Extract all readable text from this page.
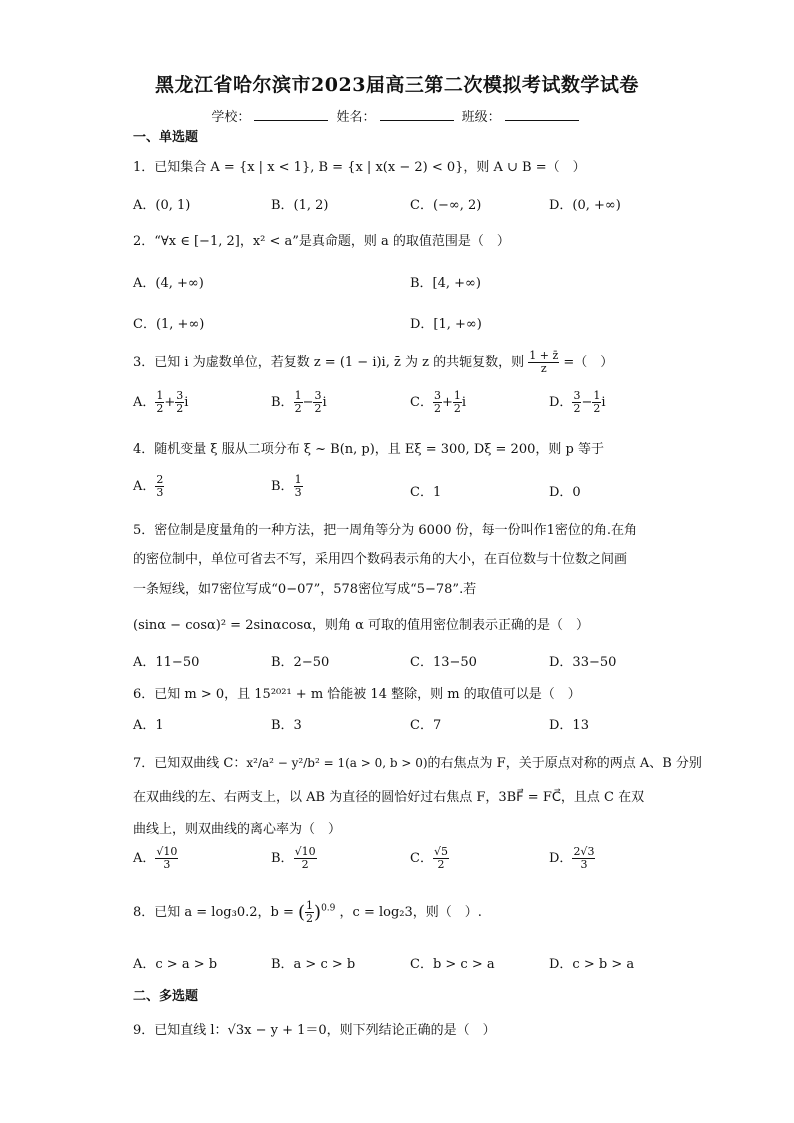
黑龙江省哈尔滨市2023届高三第二次模拟考试数学试卷
学校：	姓名：	班级：
一、单选题
1．已知集合 A = {x | x < 1}, B = {x | x(x − 2) < 0}，则 A ∪ B =（　）
A．(0, 1)	B．(1, 2)	C．(−∞, 2)	D．(0, +∞)
2．“∀x ∈ [−1, 2]，x² < a”是真命题，则 a 的取值范围是（　）
A．(4, +∞)	B．[4, +∞)
C．(1, +∞)	D．[1, +∞)
3．已知 i 为虚数单位，若复数 z = (1 − i)i, z̄ 为 z 的共轭复数，则 $\frac{1 + z̄}{z}$ =（　）
A． $\frac{1}{2} + \frac{3}{2}$ i	B． $\frac{1}{2} - \frac{3}{2}$ i	C． $\frac{3}{2} + \frac{1}{2}$ i	D． $\frac{3}{2} - \frac{1}{2}$ i
4．随机变量 ξ 服从二项分布 ξ ~ B(n, p)，且 Eξ = 300, Dξ = 200，则 p 等于
A． $\frac{2}{3}$	B． $\frac{1}{3}$	C．1	D．0
5．密位制是度量角的一种方法，把一周角等分为 6000 份，每一份叫作1密位的角.在角
的密位制中，单位可省去不写，采用四个数码表示角的大小，在百位数与十位数之间画
一条短线，如7密位写成“0−07”，578密位写成“5−78”.若
(sinα − cosα)² = 2sinαcosα，则角 α 可取的值用密位制表示正确的是（　）
A．11−50	B．2−50	C．13−50	D．33−50
6．已知 m > 0，且 15²⁰²¹ + m 恰能被 14 整除，则 m 的取值可以是（　）
A．1	B．3	C．7	D．13
7．已知双曲线 C：x²/a² − y²/b² = 1(a > 0, b > 0)的右焦点为 F，关于原点对称的两点 A、B 分别
在双曲线的左、右两支上，以 AB 为直径的圆恰好过右焦点 F，3BF⃗ = FC⃗，且点 C 在双
曲线上，则双曲线的离心率为（　）
A． $\frac{√10}{3}$	B． $\frac{√10}{2}$	C． $\frac{√5}{2}$	D． $\frac{2√3}{3}$
8．已知 a = log₃0.2，b = ( $\frac{1}{2} )^{0.9}$ ，c = log₂3，则（　）.
A．c > a > b	B．a > c > b	C．b > c > a	D．c > b > a
二、多选题
9．已知直线 l：√3x − y + 1＝0，则下列结论正确的是（　）
